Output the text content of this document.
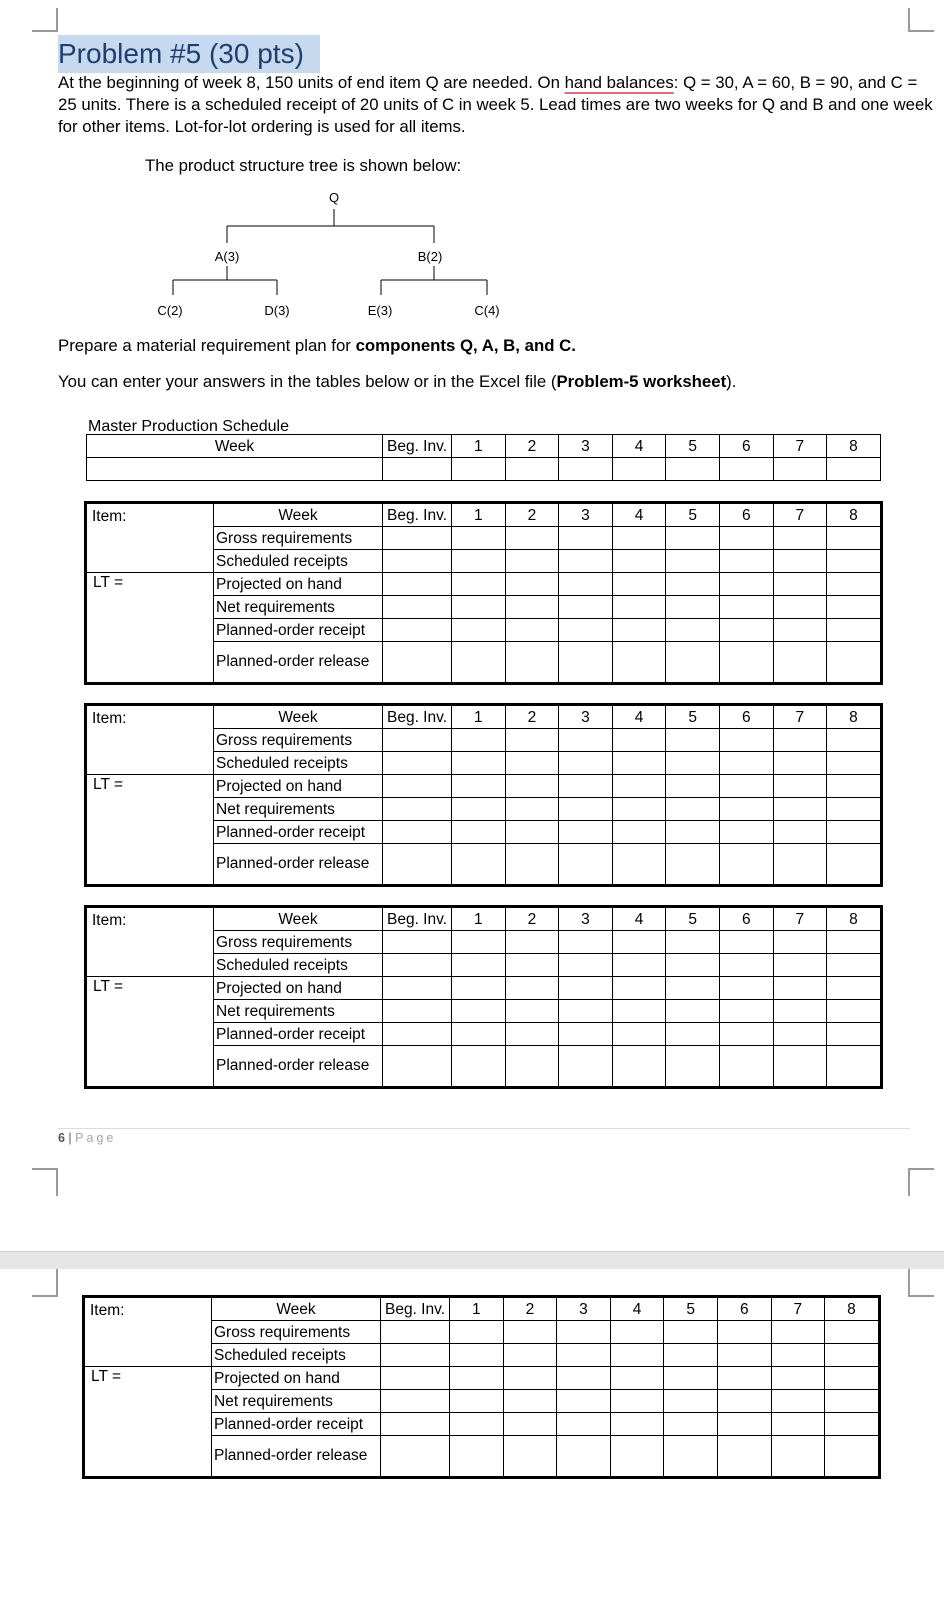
Problem #5 (30 pts)

At the beginning of week 8, 150 units of end item Q are needed. On hand balances: Q = 30, A = 60, B = 90, and C = 25 units. There is a scheduled receipt of 20 units of C in week 5. Lead times are two weeks for Q and B and one week for other items. Lot-for-lot ordering is used for all items.

The product structure tree is shown below:
Q
A(3)	B(2)
C(2)	D(3)	E(3)	C(4)

Prepare a material requirement plan for components Q, A, B, and C.

You can enter your answers in the tables below or in the Excel file (Problem-5 worksheet).

Master Production Schedule
Week	Beg. Inv.	1	2	3	4	5	6	7	8

Item:	Week	Beg. Inv.	1	2	3	4	5	6	7	8
	Gross requirements									
	Scheduled receipts									
LT =	Projected on hand									
	Net requirements									
	Planned-order receipt									
	Planned-order release									
Item:	Week	Beg. Inv.	1	2	3	4	5	6	7	8
	Gross requirements									
	Scheduled receipts									
LT =	Projected on hand									
	Net requirements									
	Planned-order receipt									
	Planned-order release									
Item:	Week	Beg. Inv.	1	2	3	4	5	6	7	8
	Gross requirements									
	Scheduled receipts									
LT =	Projected on hand									
	Net requirements									
	Planned-order receipt									
	Planned-order release									
6 | Page
Item:	Week	Beg. Inv.	1	2	3	4	5	6	7	8
	Gross requirements									
	Scheduled receipts									
LT =	Projected on hand									
	Net requirements									
	Planned-order receipt									
	Planned-order release									
